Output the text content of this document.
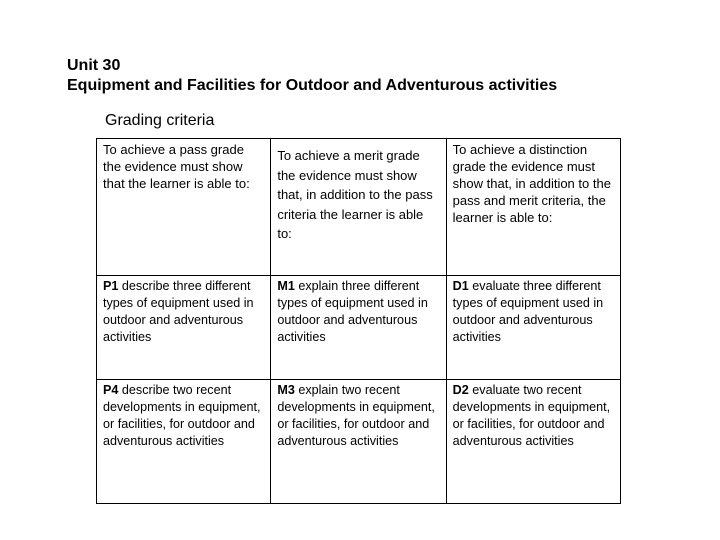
Unit 30
Equipment and Facilities for Outdoor and Adventurous activities
Grading criteria
To achieve a pass grade the evidence must show that the learner is able to:	To achieve a merit grade the evidence must show that, in addition to the pass criteria the learner is able to:	To achieve a distinction grade the evidence must show that, in addition to the pass and merit criteria, the learner is able to:
P1 describe three different types of equipment used in outdoor and adventurous activities	M1 explain three different types of equipment used in outdoor and adventurous activities	D1 evaluate three different types of equipment used in outdoor and adventurous activities
P4 describe two recent developments in equipment, or facilities, for outdoor and adventurous activities	M3 explain two recent developments in equipment, or facilities, for outdoor and adventurous activities	D2 evaluate two recent developments in equipment, or facilities, for outdoor and adventurous activities
